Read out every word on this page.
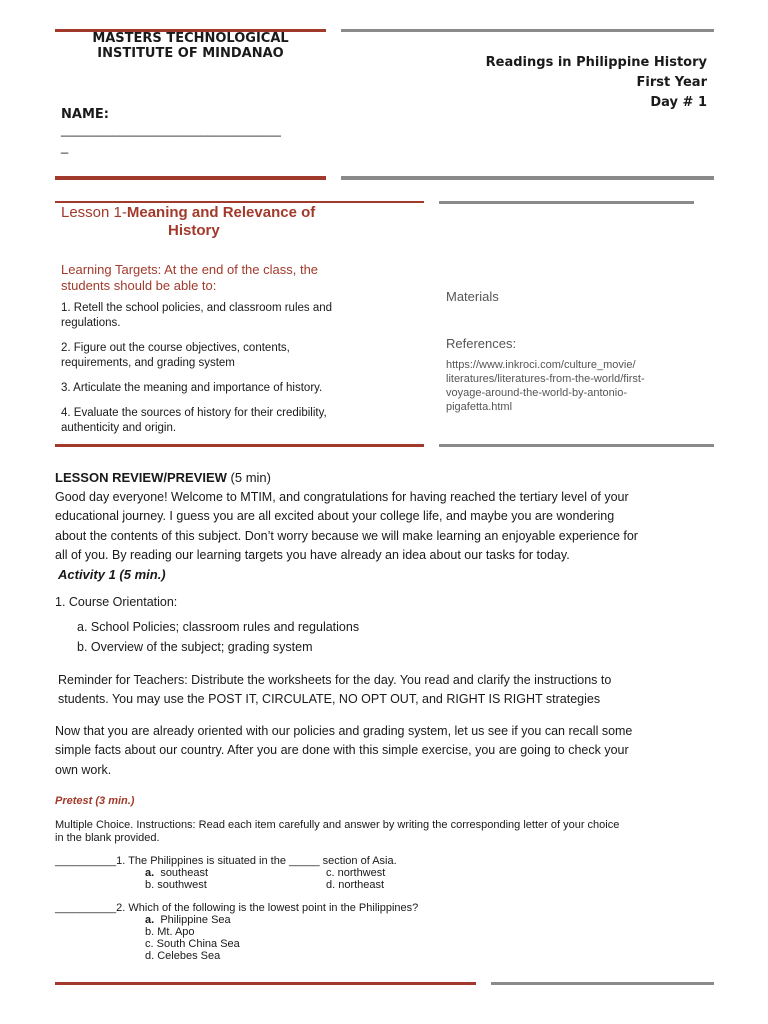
MASTERS TECHNOLOGICAL
INSTITUTE OF MINDANAO
Readings in Philippine History
First Year
Day # 1
NAME:
______________________________
_
Lesson 1-Meaning and Relevance of
History
Learning Targets: At the end of the class, the
students should be able to:
1. Retell the school policies, and classroom rules and
regulations.
2. Figure out the course objectives, contents,
requirements, and grading system
3. Articulate the meaning and importance of history.
4. Evaluate the sources of history for their credibility,
authenticity and origin.
Materials
References:
https://www.inkroci.com/culture_movie/
literatures/literatures-from-the-world/first-
voyage-around-the-world-by-antonio-
pigafetta.html
LESSON REVIEW/PREVIEW (5 min)
Good day everyone! Welcome to MTIM, and congratulations for having reached the tertiary level of your
educational journey. I guess you are all excited about your college life, and maybe you are wondering
about the contents of this subject. Don’t worry because we will make learning an enjoyable experience for
all of you. By reading our learning targets you have already an idea about our tasks for today.
Activity 1 (5 min.)
1. Course Orientation:
a. School Policies; classroom rules and regulations
b. Overview of the subject; grading system
Reminder for Teachers: Distribute the worksheets for the day. You read and clarify the instructions to
students. You may use the POST IT, CIRCULATE, NO OPT OUT, and RIGHT IS RIGHT strategies
Now that you are already oriented with our policies and grading system, let us see if you can recall some
simple facts about our country. After you are done with this simple exercise, you are going to check your
own work.
Pretest (3 min.)
Multiple Choice. Instructions: Read each item carefully and answer by writing the corresponding letter of your choice
in the blank provided.
__________1. The Philippines is situated in the _____ section of Asia.
a. southeast
b. southwest
c. northwest
d. northeast
__________2. Which of the following is the lowest point in the Philippines?
a. Philippine Sea
b. Mt. Apo
c. South China Sea
d. Celebes Sea
